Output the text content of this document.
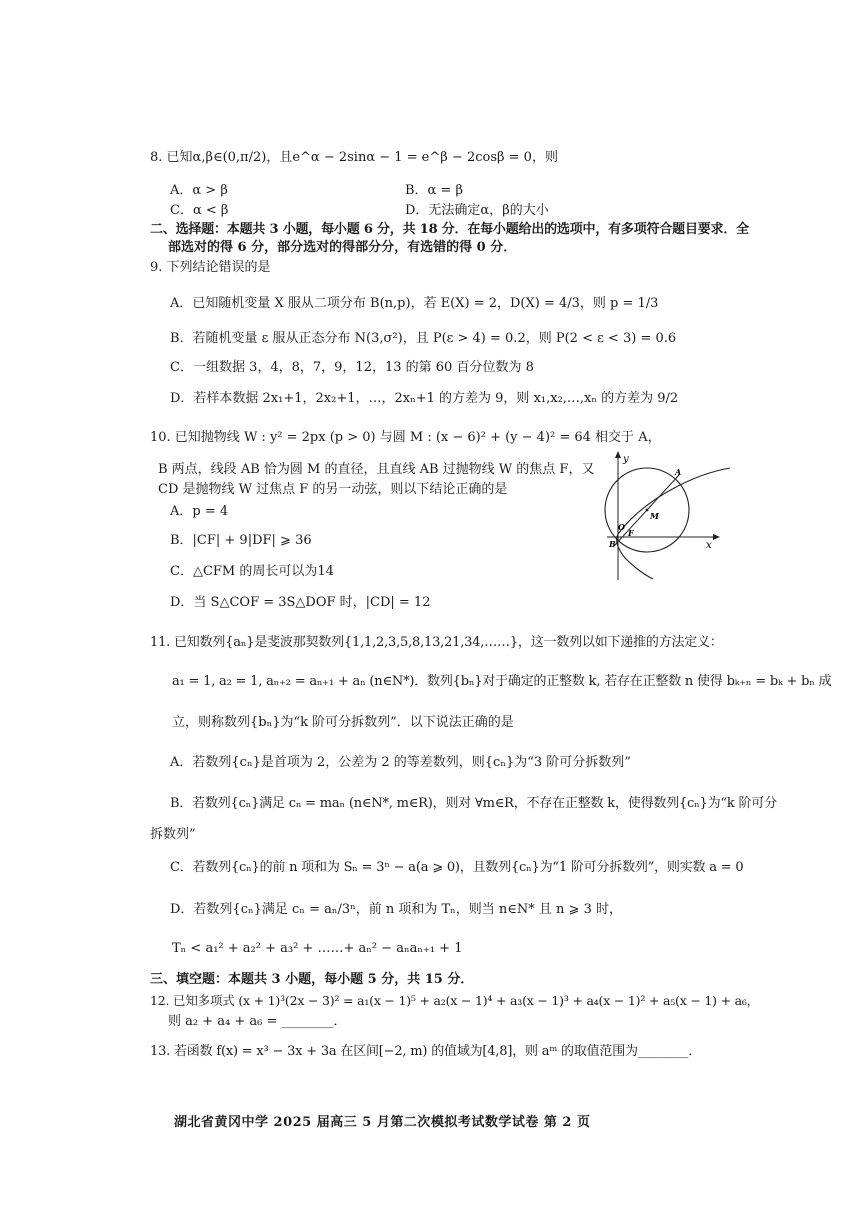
8. 已知α,β∈(0,π/2)，且e^α − 2sinα − 1 = e^β − 2cosβ = 0，则
A．α > β	B．α = β
C．α < β	D．无法确定α，β的大小
二、选择题：本题共 3 小题，每小题 6 分，共 18 分．在每小题给出的选项中，有多项符合题目要求．全
部选对的得 6 分，部分选对的得部分分，有选错的得 0 分．
9. 下列结论错误的是
A．已知随机变量 X 服从二项分布 B(n,p)，若 E(X) = 2，D(X) = 4/3，则 p = 1/3
B．若随机变量 ε 服从正态分布 N(3,σ²)，且 P(ε > 4) = 0.2，则 P(2 < ε < 3) = 0.6
C．一组数据 3，4，8，7，9，12，13 的第 60 百分位数为 8
D．若样本数据 2x₁+1，2x₂+1，…，2xₙ+1 的方差为 9，则 x₁,x₂,…,xₙ 的方差为 9/2
10. 已知抛物线 W : y² = 2px (p > 0) 与圆 M : (x − 6)² + (y − 4)² = 64 相交于 A，
B 两点，线段 AB 恰为圆 M 的直径，且直线 AB 过抛物线 W 的焦点 F，又
CD 是抛物线 W 过焦点 F 的另一动弦，则以下结论正确的是
A．p = 4
B．|CF| + 9|DF| ⩾ 36
C．△CFM 的周长可以为14
D．当 S△COF = 3S△DOF 时，|CD| = 12
y
x
A
M
O
F
B
11. 已知数列{aₙ}是斐波那契数列{1,1,2,3,5,8,13,21,34,……}，这一数列以如下递推的方法定义：
a₁ = 1, a₂ = 1, aₙ₊₂ = aₙ₊₁ + aₙ (n∈N*)．数列{bₙ}对于确定的正整数 k, 若存在正整数 n 使得 bₖ₊ₙ = bₖ + bₙ 成
立，则称数列{bₙ}为“k 阶可分拆数列”．以下说法正确的是
A．若数列{cₙ}是首项为 2，公差为 2 的等差数列，则{cₙ}为“3 阶可分拆数列”
B．若数列{cₙ}满足 cₙ = maₙ (n∈N*, m∈R)，则对 ∀m∈R，不存在正整数 k，使得数列{cₙ}为“k 阶可分
拆数列”
C．若数列{cₙ}的前 n 项和为 Sₙ = 3ⁿ − a(a ⩾ 0)，且数列{cₙ}为“1 阶可分拆数列”，则实数 a = 0
D．若数列{cₙ}满足 cₙ = aₙ/3ⁿ，前 n 项和为 Tₙ，则当 n∈N* 且 n ⩾ 3 时，
Tₙ < a₁² + a₂² + a₃² + ……+ aₙ² − aₙaₙ₊₁ + 1
三、填空题：本题共 3 小题，每小题 5 分，共 15 分．
12. 已知多项式 (x + 1)³(2x − 3)² = a₁(x − 1)⁵ + a₂(x − 1)⁴ + a₃(x − 1)³ + a₄(x − 1)² + a₅(x − 1) + a₆，
则 a₂ + a₄ + a₆ = ________．
13. 若函数 f(x) = x³ − 3x + 3a 在区间[−2, m) 的值域为[4,8]，则 aᵐ 的取值范围为________．
湖北省黄冈中学 2025 届高三 5 月第二次模拟考试数学试卷 第 2 页
